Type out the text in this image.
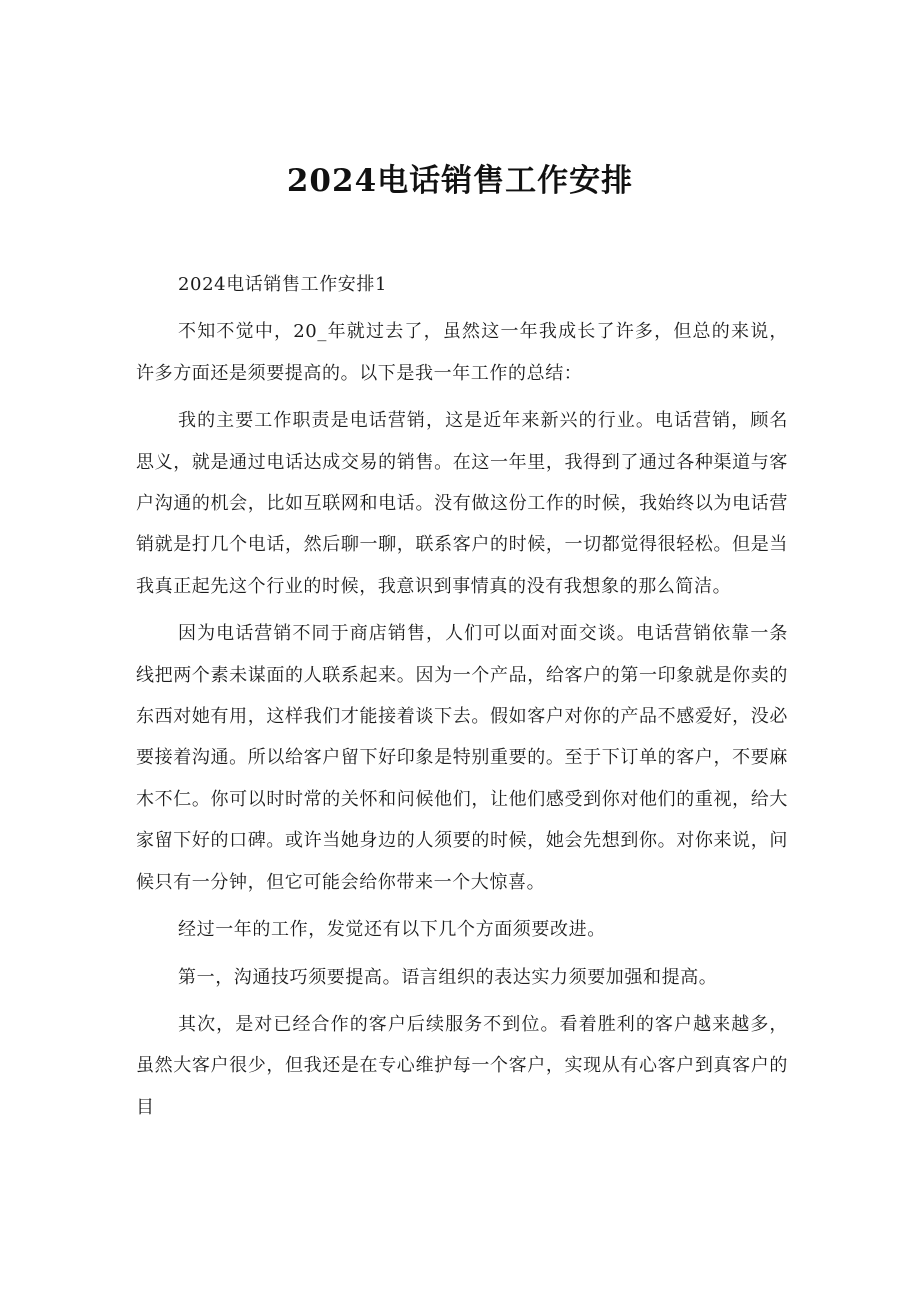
2024电话销售工作安排

2024电话销售工作安排1

不知不觉中，20_年就过去了，虽然这一年我成长了许多，但总的来说，许多方面还是须要提高的。以下是我一年工作的总结：

我的主要工作职责是电话营销，这是近年来新兴的行业。电话营销，顾名思义，就是通过电话达成交易的销售。在这一年里，我得到了通过各种渠道与客户沟通的机会，比如互联网和电话。没有做这份工作的时候，我始终以为电话营销就是打几个电话，然后聊一聊，联系客户的时候，一切都觉得很轻松。但是当我真正起先这个行业的时候，我意识到事情真的没有我想象的那么简洁。

因为电话营销不同于商店销售，人们可以面对面交谈。电话营销依靠一条线把两个素未谋面的人联系起来。因为一个产品，给客户的第一印象就是你卖的东西对她有用，这样我们才能接着谈下去。假如客户对你的产品不感爱好，没必要接着沟通。所以给客户留下好印象是特别重要的。至于下订单的客户，不要麻木不仁。你可以时时常的关怀和问候他们，让他们感受到你对他们的重视，给大家留下好的口碑。或许当她身边的人须要的时候，她会先想到你。对你来说，问候只有一分钟，但它可能会给你带来一个大惊喜。

经过一年的工作，发觉还有以下几个方面须要改进。

第一，沟通技巧须要提高。语言组织的表达实力须要加强和提高。

其次，是对已经合作的客户后续服务不到位。看着胜利的客户越来越多，虽然大客户很少，但我还是在专心维护每一个客户，实现从有心客户到真客户的目
